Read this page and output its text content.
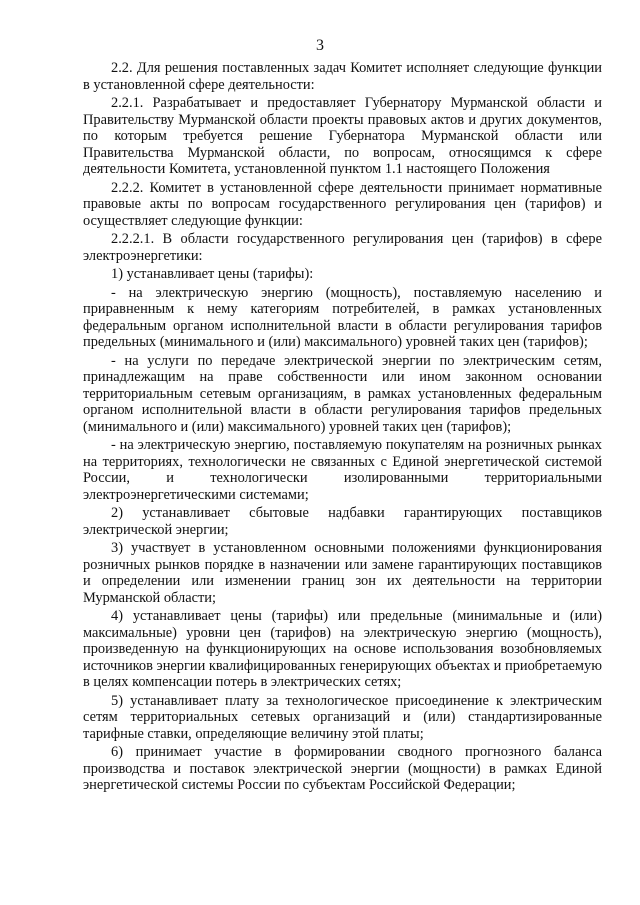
3

2.2. Для решения поставленных задач Комитет исполняет следующие функции в установленной сфере деятельности:

2.2.1. Разрабатывает и предоставляет Губернатору Мурманской области и Правительству Мурманской области проекты правовых актов и других документов, по которым требуется решение Губернатора Мурманской области или Правительства Мурманской области, по вопросам, относящимся к сфере деятельности Комитета, установленной пунктом 1.1 настоящего Положения

2.2.2. Комитет в установленной сфере деятельности принимает нормативные правовые акты по вопросам государственного регулирования цен (тарифов) и осуществляет следующие функции:

2.2.2.1. В области государственного регулирования цен (тарифов) в сфере электроэнергетики:

1) устанавливает цены (тарифы):

- на электрическую энергию (мощность), поставляемую населению и приравненным к нему категориям потребителей, в рамках установленных федеральным органом исполнительной власти в области регулирования тарифов предельных (минимального и (или) максимального) уровней таких цен (тарифов);

- на услуги по передаче электрической энергии по электрическим сетям, принадлежащим на праве собственности или ином законном основании территориальным сетевым организациям, в рамках установленных федеральным органом исполнительной власти в области регулирования тарифов предельных (минимального и (или) максимального) уровней таких цен (тарифов);

- на электрическую энергию, поставляемую покупателям на розничных рынках на территориях, технологически не связанных с Единой энергетической системой России, и технологически изолированными территориальными электроэнергетическими системами;

2) устанавливает сбытовые надбавки гарантирующих поставщиков электрической энергии;

3) участвует в установленном основными положениями функционирования розничных рынков порядке в назначении или замене гарантирующих поставщиков и определении или изменении границ зон их деятельности на территории Мурманской области;

4) устанавливает цены (тарифы) или предельные (минимальные и (или) максимальные) уровни цен (тарифов) на электрическую энергию (мощность), произведенную на функционирующих на основе использования возобновляемых источников энергии квалифицированных генерирующих объектах и приобретаемую в целях компенсации потерь в электрических сетях;

5) устанавливает плату за технологическое присоединение к электрическим сетям территориальных сетевых организаций и (или) стандартизированные тарифные ставки, определяющие величину этой платы;

6) принимает участие в формировании сводного прогнозного баланса производства и поставок электрической энергии (мощности) в рамках Единой энергетической системы России по субъектам Российской Федерации;
